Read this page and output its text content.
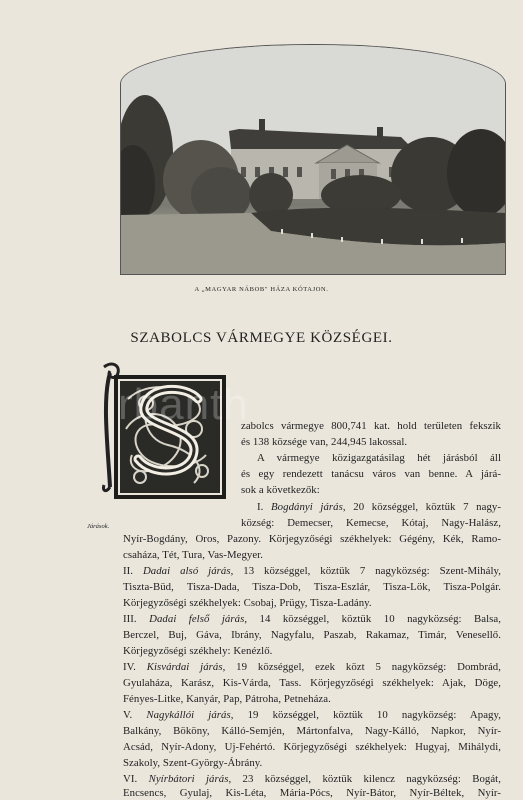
A „MAGYAR NÁBOB" HÁZA KÓTAJON.
SZABOLCS VÁRMEGYE KÖZSÉGEI.
rbanth
zabolcs vármegye 800,741 kat. hold területen fekszik
és 138 községe van, 244,945 lakossal.
A vármegye közigazgatásilag hét járásból áll
és egy rendezett tanácsu város van benne. A járá-
sok a következők:
Járások.
I. Bogdányi járás, 20 községgel, köztük 7 nagy-
község: Demecser, Kemecse, Kótaj, Nagy-Halász,
Nyír-Bogdány, Oros, Pazony. Körjegyzőségi székhelyek: Gégény, Kék, Ramo-
csaháza, Tét, Tura, Vas-Megyer.
II. Dadai alsó járás, 13 községgel, köztük 7 nagyközség: Szent-Mihály,
Tiszta-Büd, Tisza-Dada, Tisza-Dob, Tisza-Eszlár, Tisza-Lök, Tisza-Polgár.
Körjegyzőségi székhelyek: Csobaj, Prügy, Tisza-Ladány.
III. Dadai felső járás, 14 községgel, köztük 10 nagyközség: Balsa,
Berczel, Buj, Gáva, Ibrány, Nagyfalu, Paszab, Rakamaz, Timár, Venesellő.
Körjegyzőségi székhely: Kenézlő.
IV. Kisvárdai járás, 19 községgel, ezek közt 5 nagyközség: Dombrád,
Gyulaháza, Karász, Kis-Várda, Tass. Körjegyzőségi székhelyek: Ajak, Döge,
Fényes-Litke, Kanyár, Pap, Pátroha, Petneháza.
V. Nagykállói járás, 19 községgel, köztük 10 nagyközség: Apagy,
Balkány, Bököny, Kálló-Semjén, Mártonfalva, Nagy-Kálló, Napkor, Nyír-
Acsád, Nyír-Adony, Uj-Fehértó. Körjegyzőségi székhelyek: Hugyaj, Mihálydi,
Szakoly, Szent-György-Ábrány.
VI. Nyírbátori járás, 23 községgel, köztük kilencz nagyközség: Bogát,
Encsencs, Gyulaj, Kis-Léta, Mária-Pócs, Nyír-Bátor, Nyír-Béltek, Nyír-
